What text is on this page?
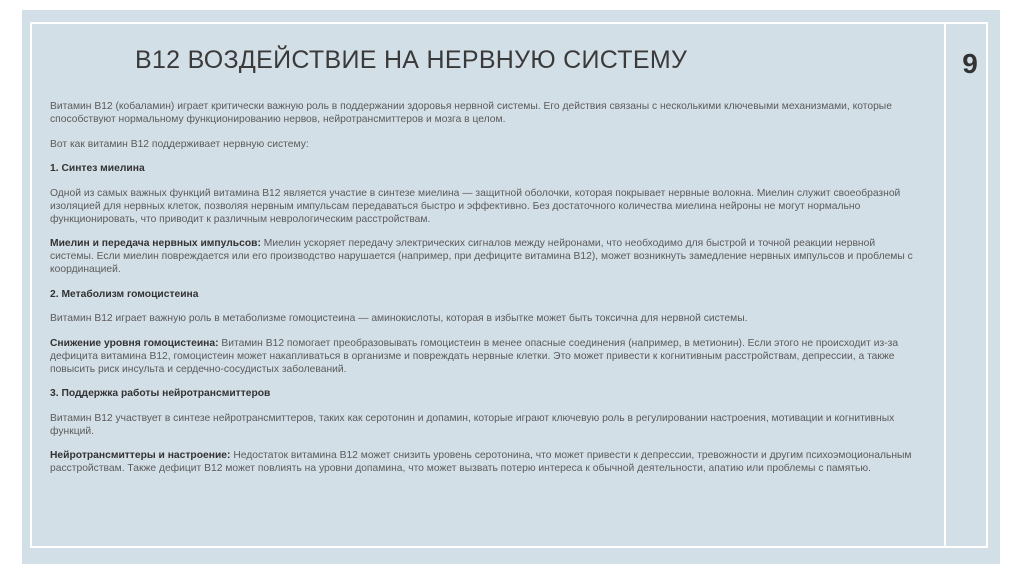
B12 ВОЗДЕЙСТВИЕ НА НЕРВНУЮ СИСТЕМУ	9

Витамин B12 (кобаламин) играет критически важную роль в поддержании здоровья нервной системы. Его действия связаны с несколькими ключевыми механизмами, которые способствуют нормальному функционированию нервов, нейротрансмиттеров и мозга в целом.

Вот как витамин B12 поддерживает нервную систему:

1. Синтез миелина

Одной из самых важных функций витамина B12 является участие в синтезе миелина — защитной оболочки, которая покрывает нервные волокна. Миелин служит своеобразной изоляцией для нервных клеток, позволяя нервным импульсам передаваться быстро и эффективно. Без достаточного количества миелина нейроны не могут нормально функционировать, что приводит к различным неврологическим расстройствам.

Миелин и передача нервных импульсов: Миелин ускоряет передачу электрических сигналов между нейронами, что необходимо для быстрой и точной реакции нервной системы. Если миелин повреждается или его производство нарушается (например, при дефиците витамина B12), может возникнуть замедление нервных импульсов и проблемы с координацией.

2. Метаболизм гомоцистеина

Витамин B12 играет важную роль в метаболизме гомоцистеина — аминокислоты, которая в избытке может быть токсична для нервной системы.

Снижение уровня гомоцистеина: Витамин B12 помогает преобразовывать гомоцистеин в менее опасные соединения (например, в метионин). Если этого не происходит из-за дефицита витамина B12, гомоцистеин может накапливаться в организме и повреждать нервные клетки. Это может привести к когнитивным расстройствам, депрессии, а также повысить риск инсульта и сердечно-сосудистых заболеваний.

3. Поддержка работы нейротрансмиттеров

Витамин B12 участвует в синтезе нейротрансмиттеров, таких как серотонин и допамин, которые играют ключевую роль в регулировании настроения, мотивации и когнитивных функций.

Нейротрансмиттеры и настроение: Недостаток витамина B12 может снизить уровень серотонина, что может привести к депрессии, тревожности и другим психоэмоциональным расстройствам. Также дефицит B12 может повлиять на уровни допамина, что может вызвать потерю интереса к обычной деятельности, апатию или проблемы с памятью.
